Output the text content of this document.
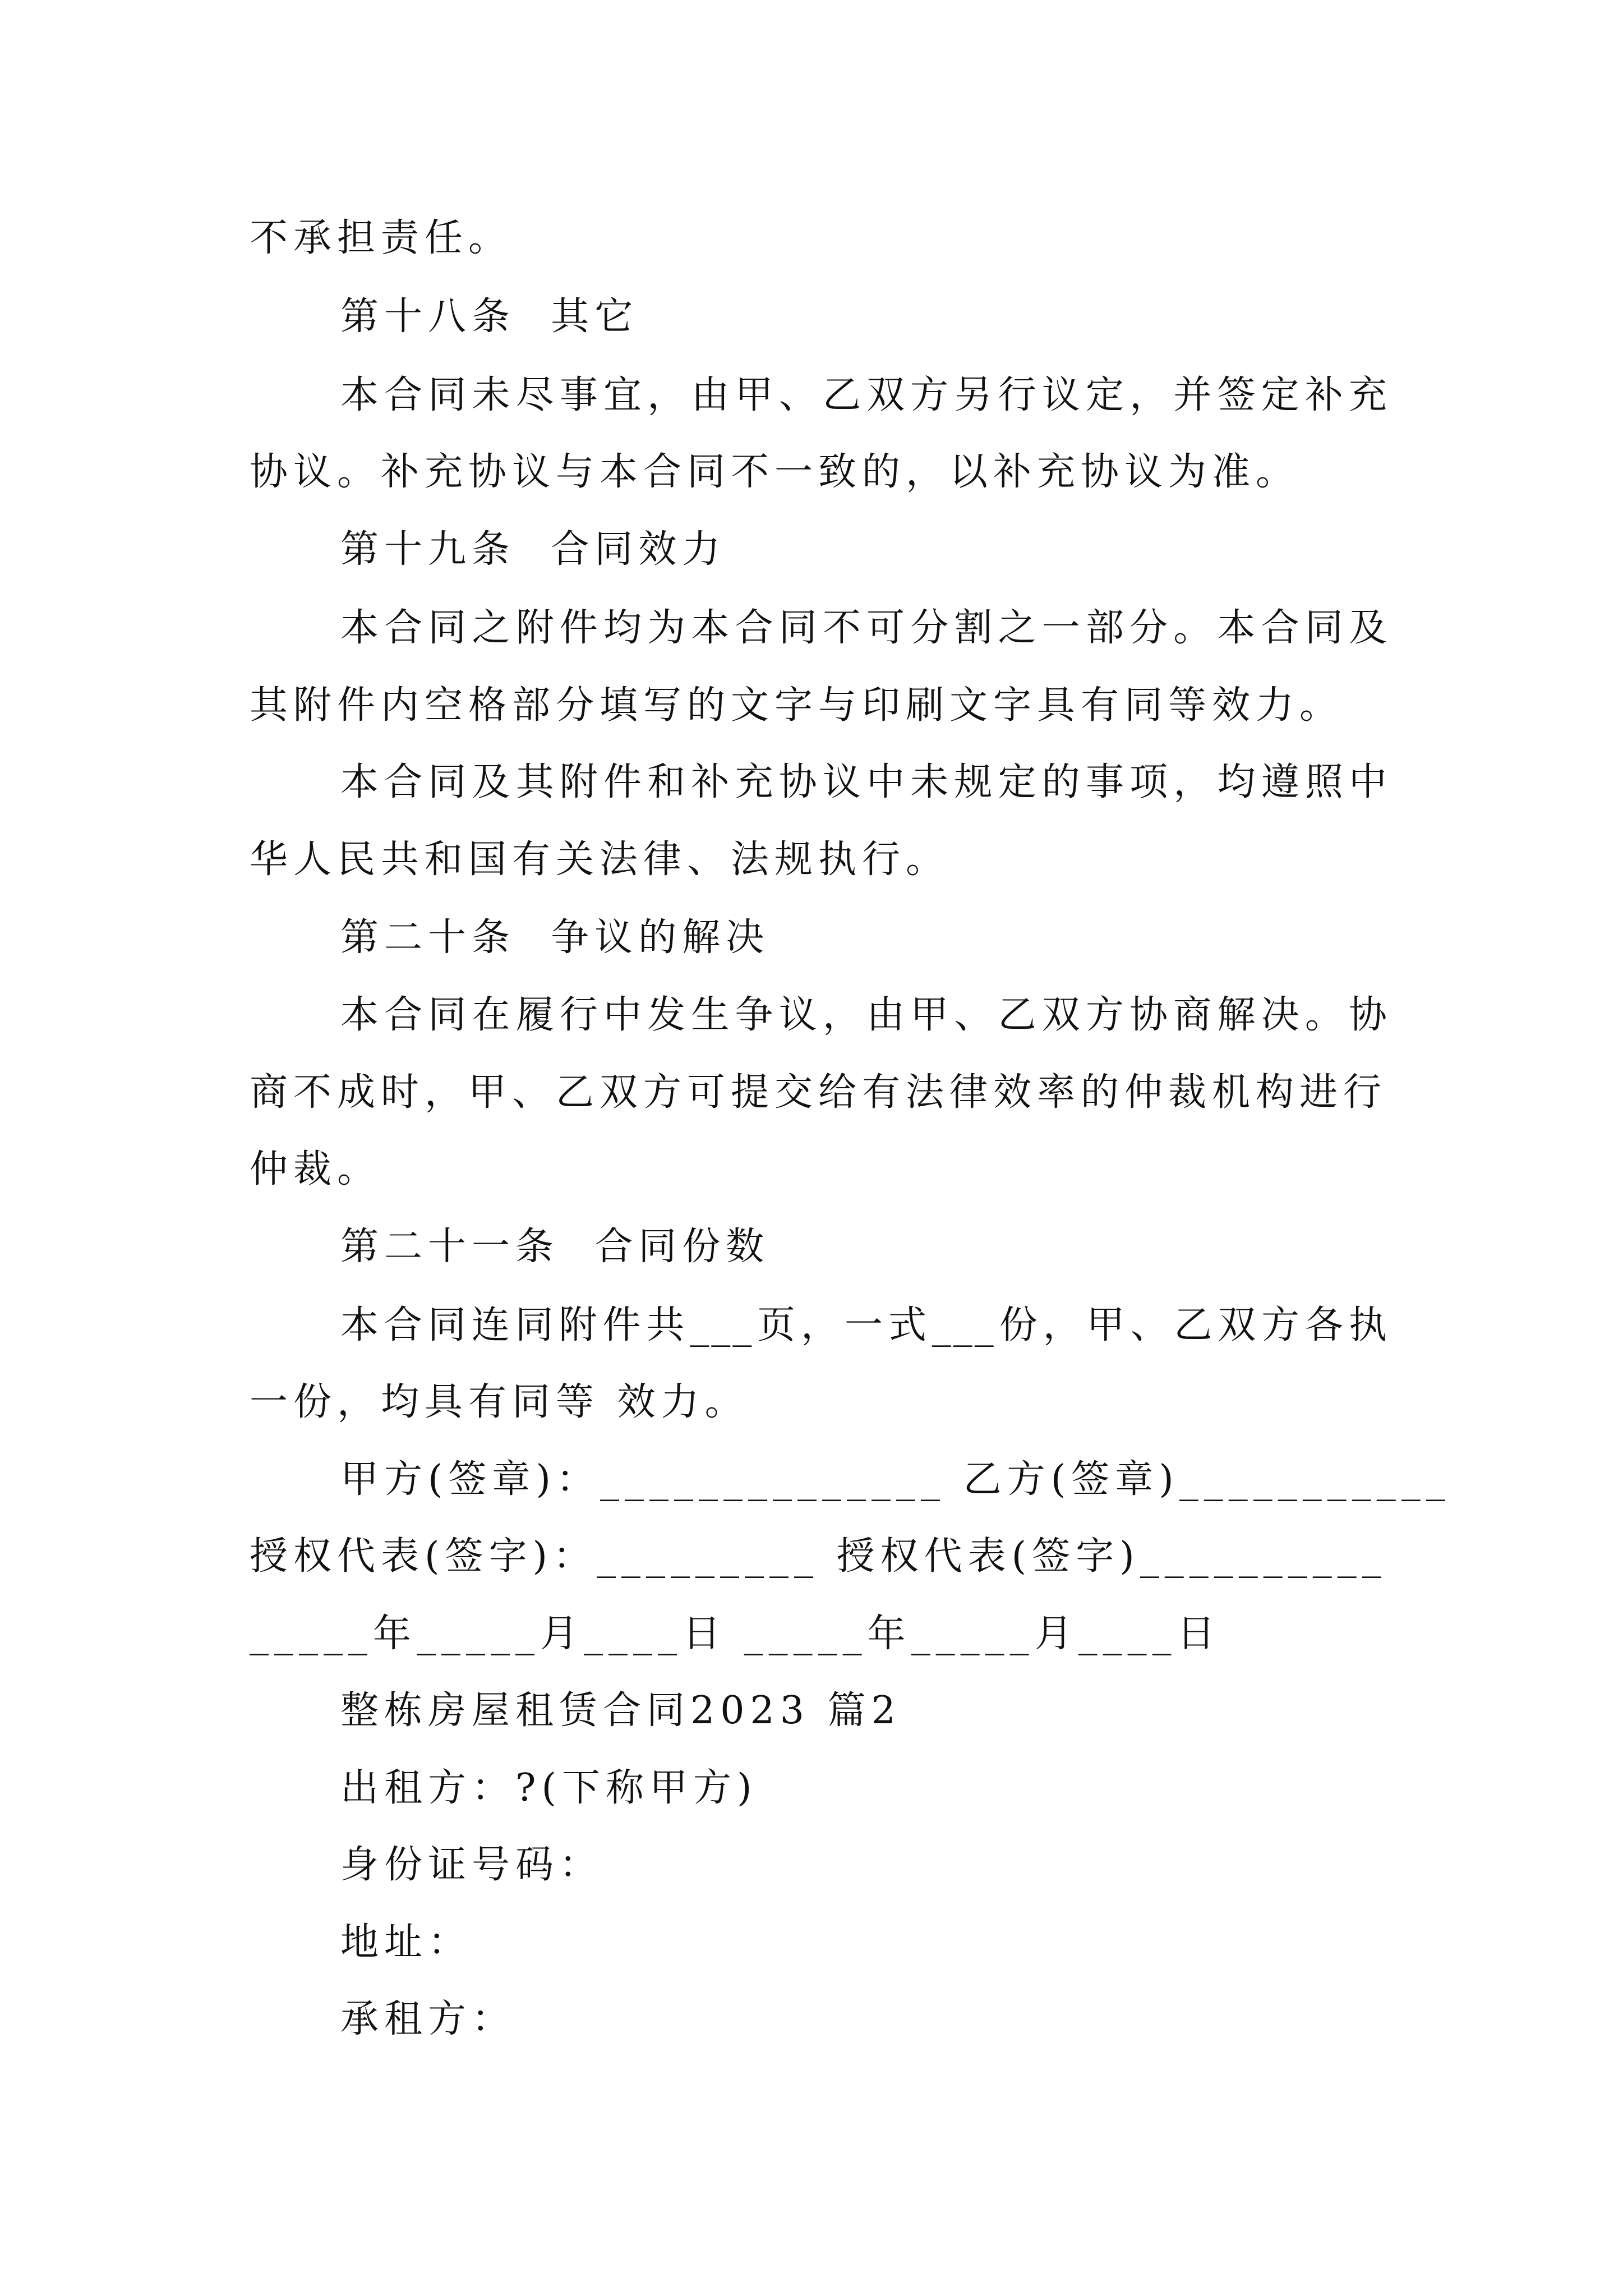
不承担责任。
第十八条  其它
本合同未尽事宜，由甲、乙双方另行议定，并签定补充
协议。补充协议与本合同不一致的，以补充协议为准。
第十九条  合同效力
本合同之附件均为本合同不可分割之一部分。本合同及
其附件内空格部分填写的文字与印刷文字具有同等效力。
本合同及其附件和补充协议中未规定的事项，均遵照中
华人民共和国有关法律、法规执行。
第二十条  争议的解决
本合同在履行中发生争议，由甲、乙双方协商解决。协
商不成时，甲、乙双方可提交给有法律效率的仲裁机构进行
仲裁。
第二十一条  合同份数
本合同连同附件共___页，一式___份，甲、乙双方各执
一份，均具有同等 效力。
甲方(签章)：______________ 乙方(签章)___________
授权代表(签字)：_________ 授权代表(签字)__________
_____年_____月____日 _____年_____月____日
整栋房屋租赁合同2023 篇2
出租方：?(下称甲方)
身份证号码：
地址：
承租方：
